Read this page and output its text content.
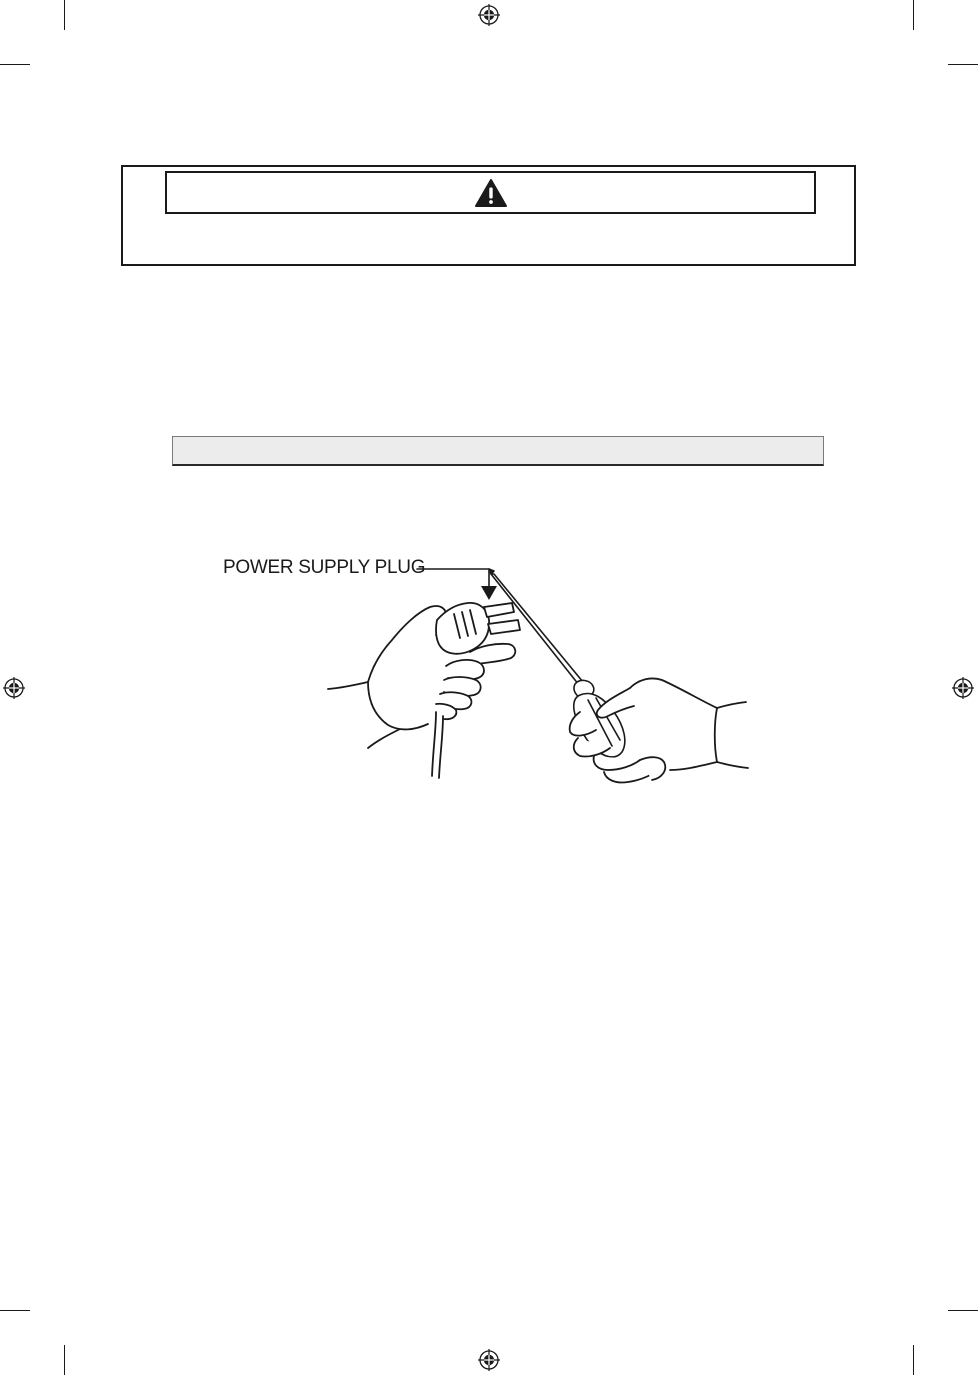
POWER SUPPLY PLUG
